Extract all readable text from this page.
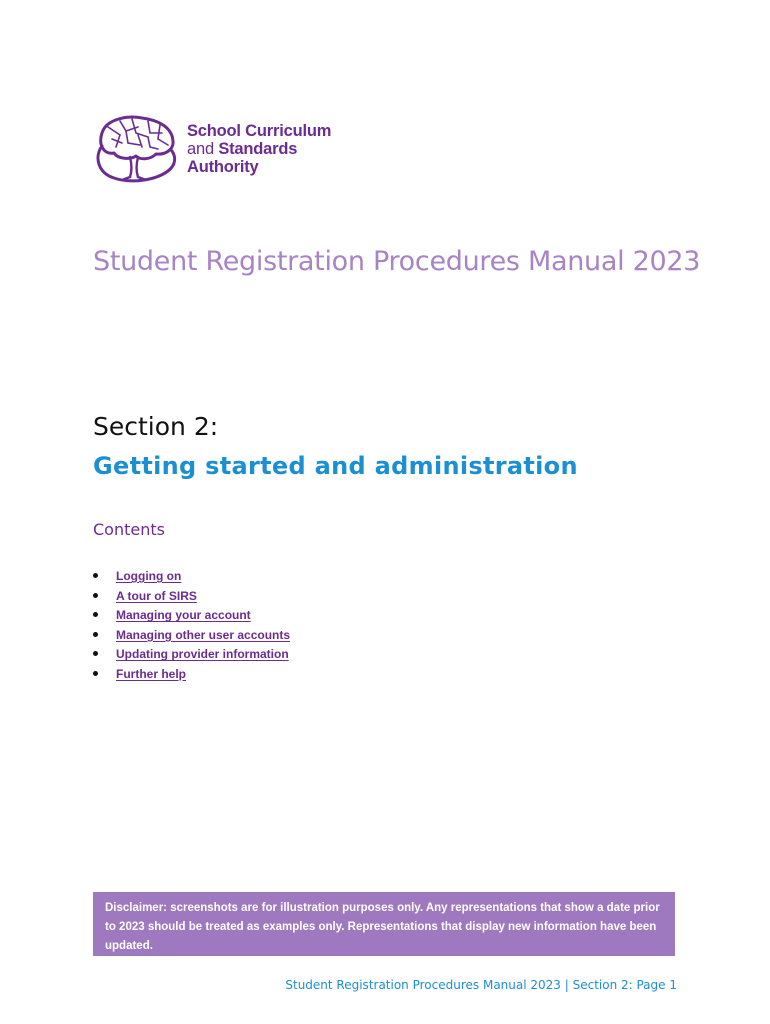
School Curriculum
and Standards
Authority
Student Registration Procedures Manual 2023
Section 2:
Getting started and administration
Contents
Logging on
A tour of SIRS
Managing your account
Managing other user accounts
Updating provider information
Further help
Disclaimer: screenshots are for illustration purposes only. Any representations that show a date prior to 2023 should be treated as examples only. Representations that display new information have been updated.

Student Registration Procedures Manual 2023 | Section 2: Page 1
